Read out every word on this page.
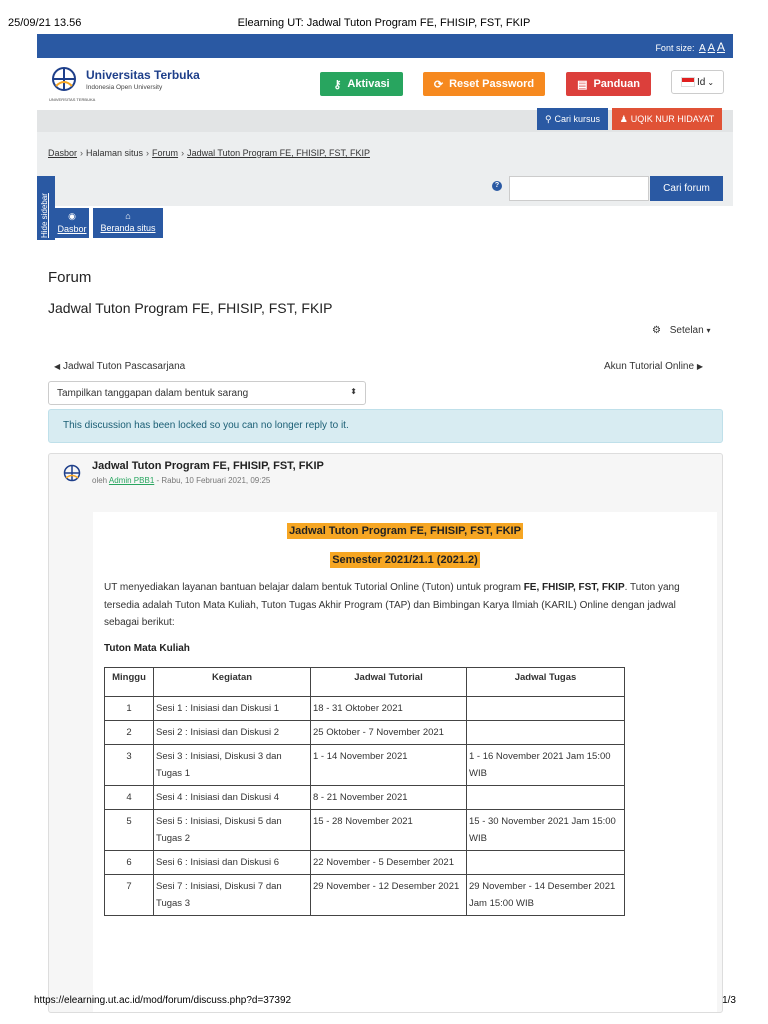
25/09/21 13.56	Elearning UT: Jadwal Tuton Program FE, FHISIP, FST, FKIP
Font size: A A A
Universitas Terbuka
Indonesia Open University
UNIVERSITAS TERBUKA
⚷ Aktivasi	⟳ Reset Password	▤ Panduan	Id ⌄
⚲ Cari kursus ♟ UQIK NUR HIDAYAT
Dasbor › Halaman situs › Forum › Jadwal Tuton Program FE, FHISIP, FST, FKIP
?	Cari forum
Hide sidebar	◉
Dasbor
⌂
Beranda situs
Forum
Jadwal Tuton Program FE, FHISIP, FST, FKIP
⚙ Setelan ▾
◀ Jadwal Tuton Pascasarjana	Akun Tutorial Online ▶
Tampilkan tanggapan dalam bentuk sarang	⬍
This discussion has been locked so you can no longer reply to it.
Jadwal Tuton Program FE, FHISIP, FST, FKIP
oleh Admin PBB1 - Rabu, 10 Februari 2021, 09:25
Jadwal Tuton Program FE, FHISIP, FST, FKIP
Semester 2021/21.1 (2021.2)
UT menyediakan layanan bantuan belajar dalam bentuk Tutorial Online (Tuton) untuk program FE, FHISIP, FST, FKIP. Tuton yang tersedia adalah Tuton Mata Kuliah, Tuton Tugas Akhir Program (TAP) dan Bimbingan Karya Ilmiah (KARIL) Online dengan jadwal sebagai berikut:
Tuton Mata Kuliah
Minggu	Kegiatan	Jadwal Tutorial	Jadwal Tugas
1	Sesi 1 : Inisiasi dan Diskusi 1	18 - 31 Oktober 2021	
2	Sesi 2 : Inisiasi dan Diskusi 2	25 Oktober - 7 November 2021	
3	Sesi 3 : Inisiasi, Diskusi 3 dan Tugas 1	1 - 14 November 2021	1 - 16 November 2021 Jam 15:00 WIB
4	Sesi 4 : Inisiasi dan Diskusi 4	8 - 21 November 2021	
5	Sesi 5 : Inisiasi, Diskusi 5 dan Tugas 2	15 - 28 November 2021	15 - 30 November 2021 Jam 15:00 WIB
6	Sesi 6 : Inisiasi dan Diskusi 6	22 November - 5 Desember 2021	
7	Sesi 7 : Inisiasi, Diskusi 7 dan Tugas 3	29 November - 12 Desember 2021	29 November - 14 Desember 2021 Jam 15:00 WIB
https://elearning.ut.ac.id/mod/forum/discuss.php?d=37392	1/3
